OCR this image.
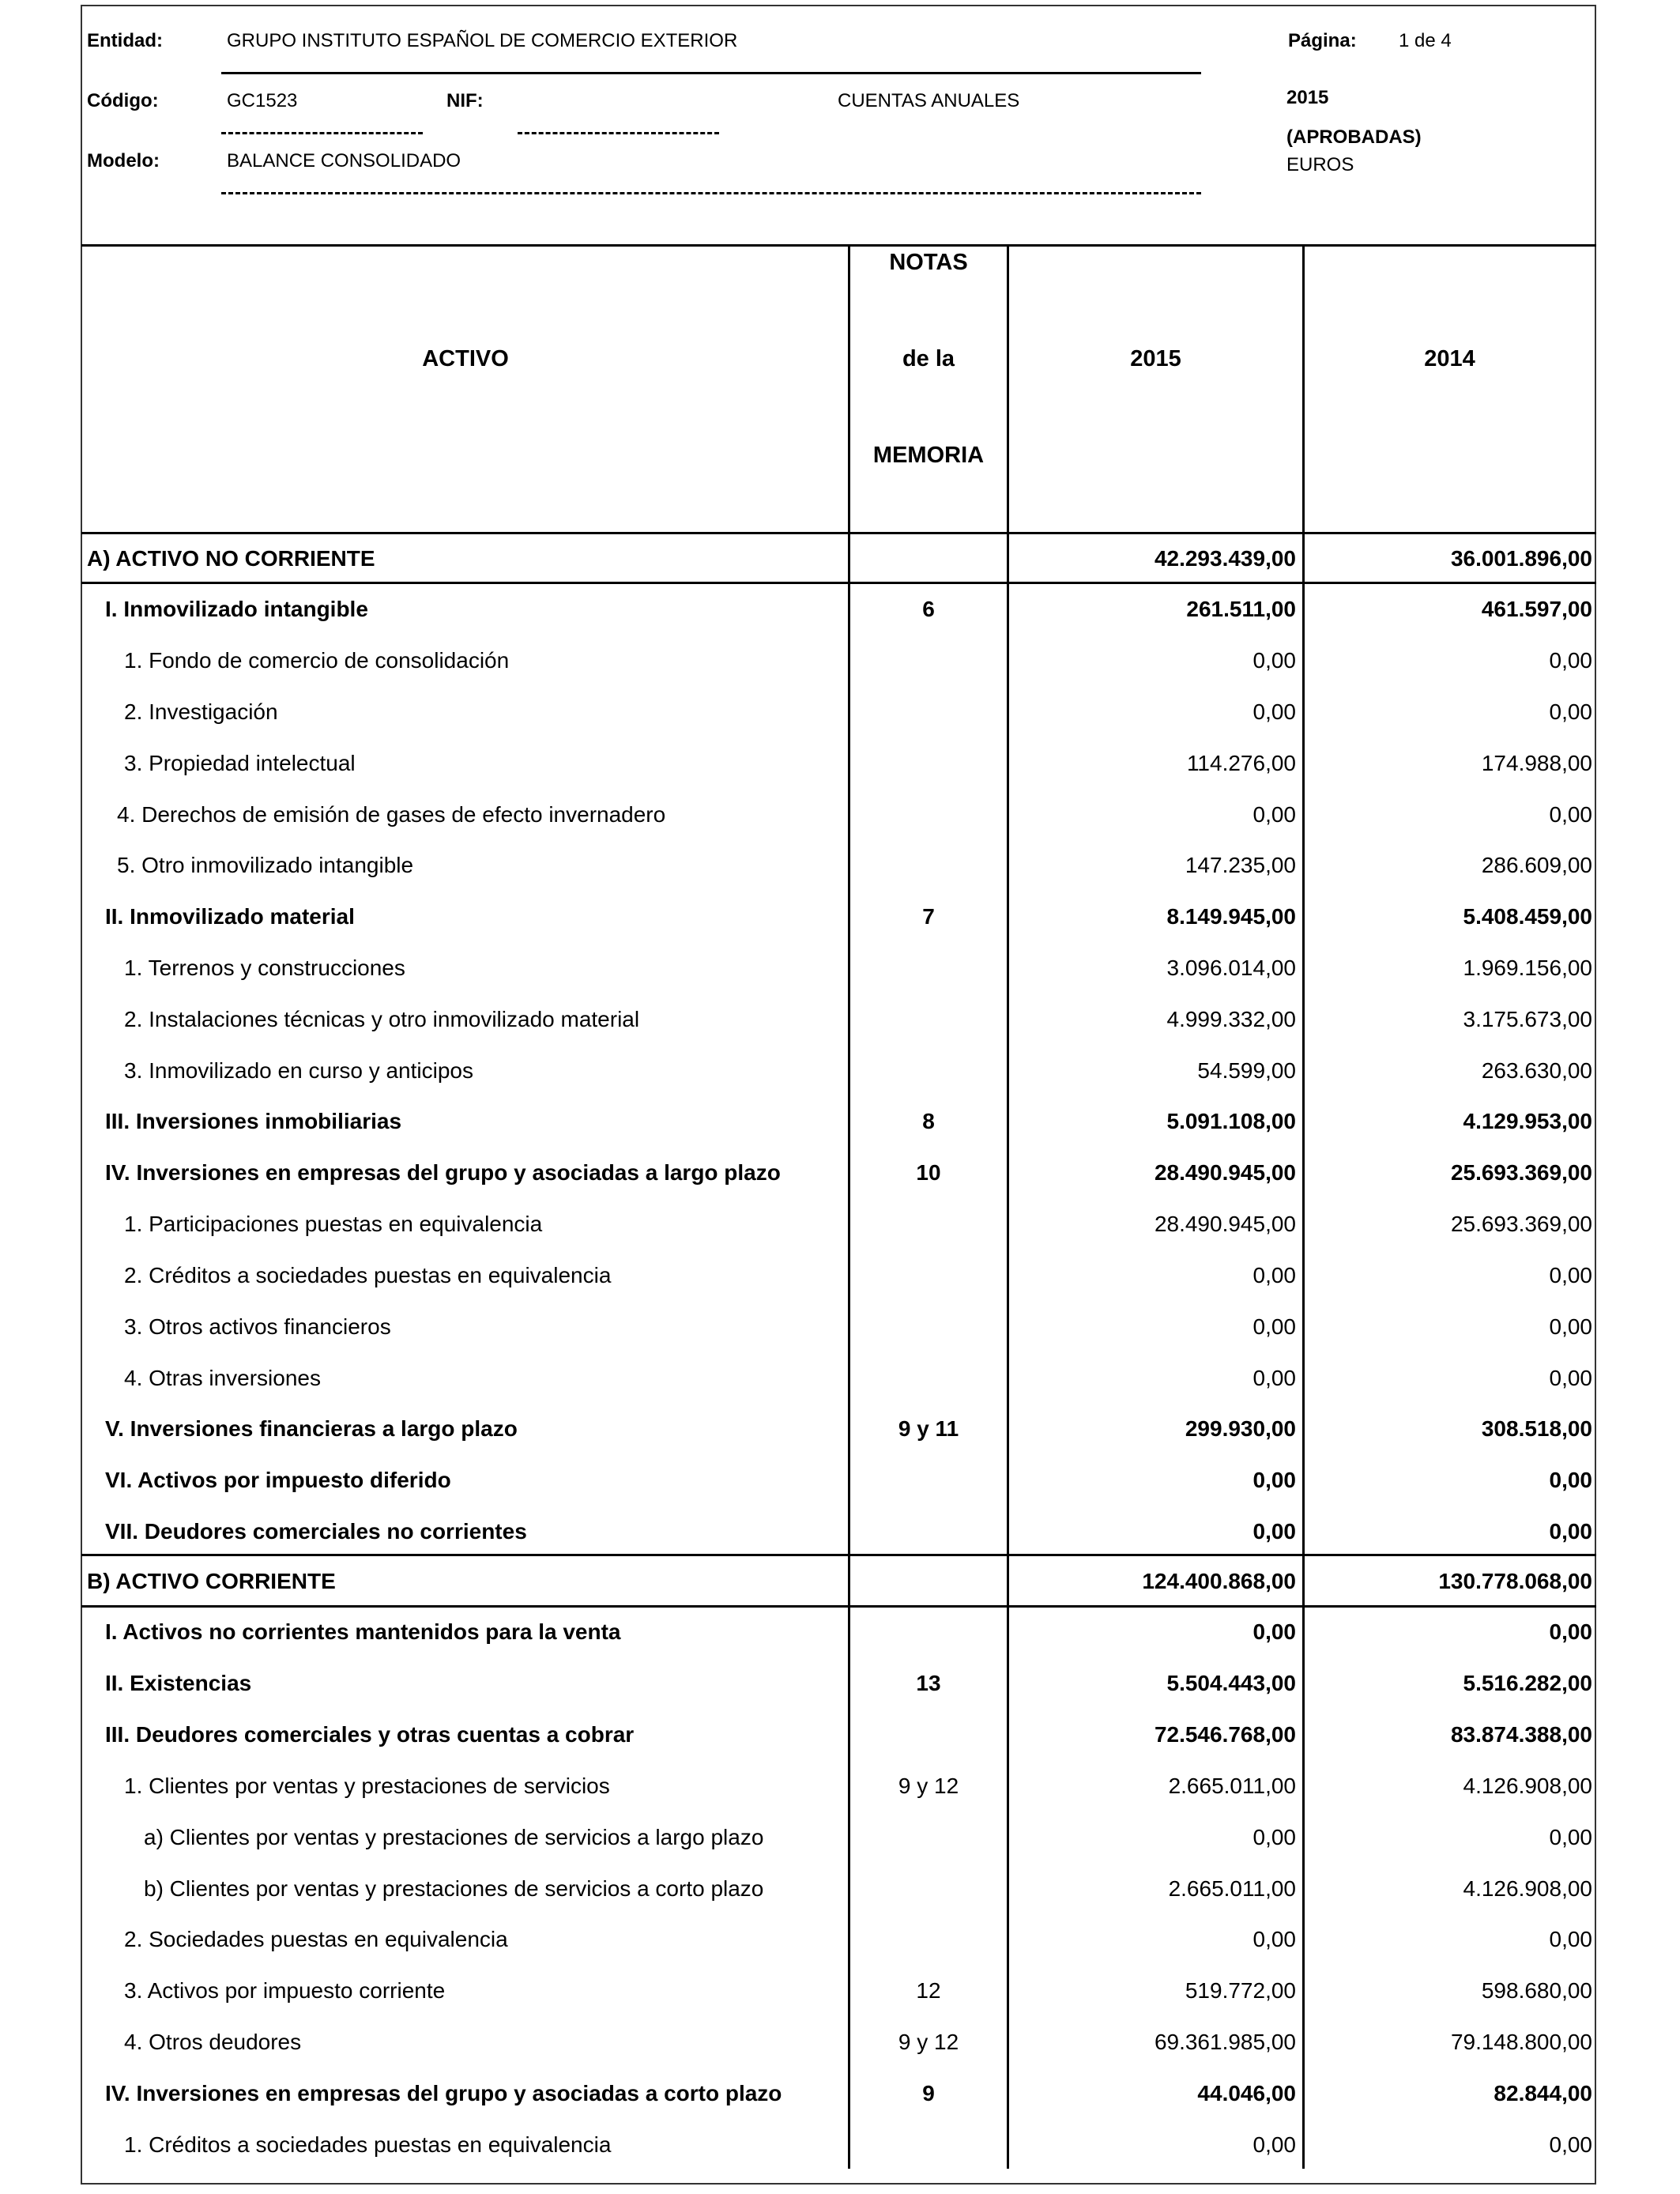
Entidad:	GRUPO INSTITUTO ESPAÑOL DE COMERCIO EXTERIOR	Página: 1 de 4
Código:	GC1523	NIF:	CUENTAS ANUALES	2015
(APROBADAS)
Modelo:	BALANCE CONSOLIDADO	EUROS
ACTIVO
NOTAS
de la
MEMORIA
2015	2014
A) ACTIVO NO CORRIENTE	42.293.439,00	36.001.896,00
I. Inmovilizado intangible	6	261.511,00	461.597,00
1. Fondo de comercio de consolidación	0,00	0,00
2. Investigación	0,00	0,00
3. Propiedad intelectual	114.276,00	174.988,00
4. Derechos de emisión de gases de efecto invernadero	0,00	0,00
5. Otro inmovilizado intangible	147.235,00	286.609,00
II. Inmovilizado material	7	8.149.945,00	5.408.459,00
1. Terrenos y construcciones	3.096.014,00	1.969.156,00
2. Instalaciones técnicas y otro inmovilizado material	4.999.332,00	3.175.673,00
3. Inmovilizado en curso y anticipos	54.599,00	263.630,00
III. Inversiones inmobiliarias	8	5.091.108,00	4.129.953,00
IV. Inversiones en empresas del grupo y asociadas a largo plazo	10	28.490.945,00	25.693.369,00
1. Participaciones puestas en equivalencia	28.490.945,00	25.693.369,00
2. Créditos a sociedades puestas en equivalencia	0,00	0,00
3. Otros activos financieros	0,00	0,00
4. Otras inversiones	0,00	0,00
V. Inversiones financieras a largo plazo	9 y 11	299.930,00	308.518,00
VI. Activos por impuesto diferido	0,00	0,00
VII. Deudores comerciales no corrientes	0,00	0,00
B) ACTIVO CORRIENTE	124.400.868,00	130.778.068,00
I. Activos no corrientes mantenidos para la venta	0,00	0,00
II. Existencias	13	5.504.443,00	5.516.282,00
III. Deudores comerciales y otras cuentas a cobrar	72.546.768,00	83.874.388,00
1. Clientes por ventas y prestaciones de servicios	9 y 12	2.665.011,00	4.126.908,00
a) Clientes por ventas y prestaciones de servicios a largo plazo	0,00	0,00
b) Clientes por ventas y prestaciones de servicios a corto plazo	2.665.011,00	4.126.908,00
2. Sociedades puestas en equivalencia	0,00	0,00
3. Activos por impuesto corriente	12	519.772,00	598.680,00
4. Otros deudores	9 y 12	69.361.985,00	79.148.800,00
IV. Inversiones en empresas del grupo y asociadas a corto plazo	9	44.046,00	82.844,00
1. Créditos a sociedades puestas en equivalencia	0,00	0,00
